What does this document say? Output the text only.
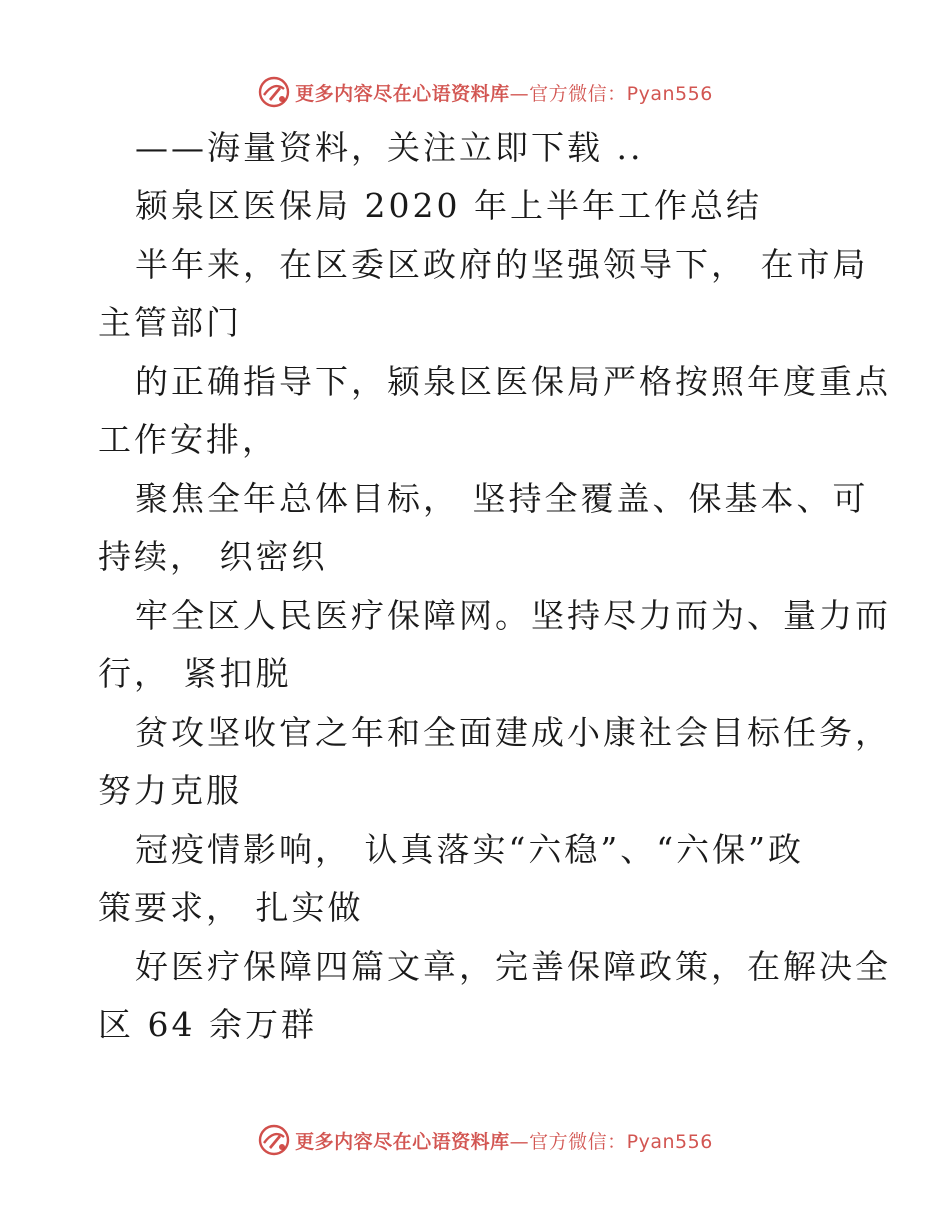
更多内容尽在心语资料库—官方微信：Pyan556
——海量资料，关注立即下载 ..
颍泉区医保局 2020 年上半年工作总结
半年来，在区委区政府的坚强领导下， 在市局
主管部门
的正确指导下，颍泉区医保局严格按照年度重点
工作安排，
聚焦全年总体目标， 坚持全覆盖、保基本、可
持续， 织密织
牢全区人民医疗保障网。坚持尽力而为、量力而
行， 紧扣脱
贫攻坚收官之年和全面建成小康社会目标任务，
努力克服
冠疫情影响， 认真落实“六稳”、“六保”政
策要求， 扎实做
好医疗保障四篇文章，完善保障政策，在解决全
区 64 余万群
更多内容尽在心语资料库—官方微信：Pyan556
